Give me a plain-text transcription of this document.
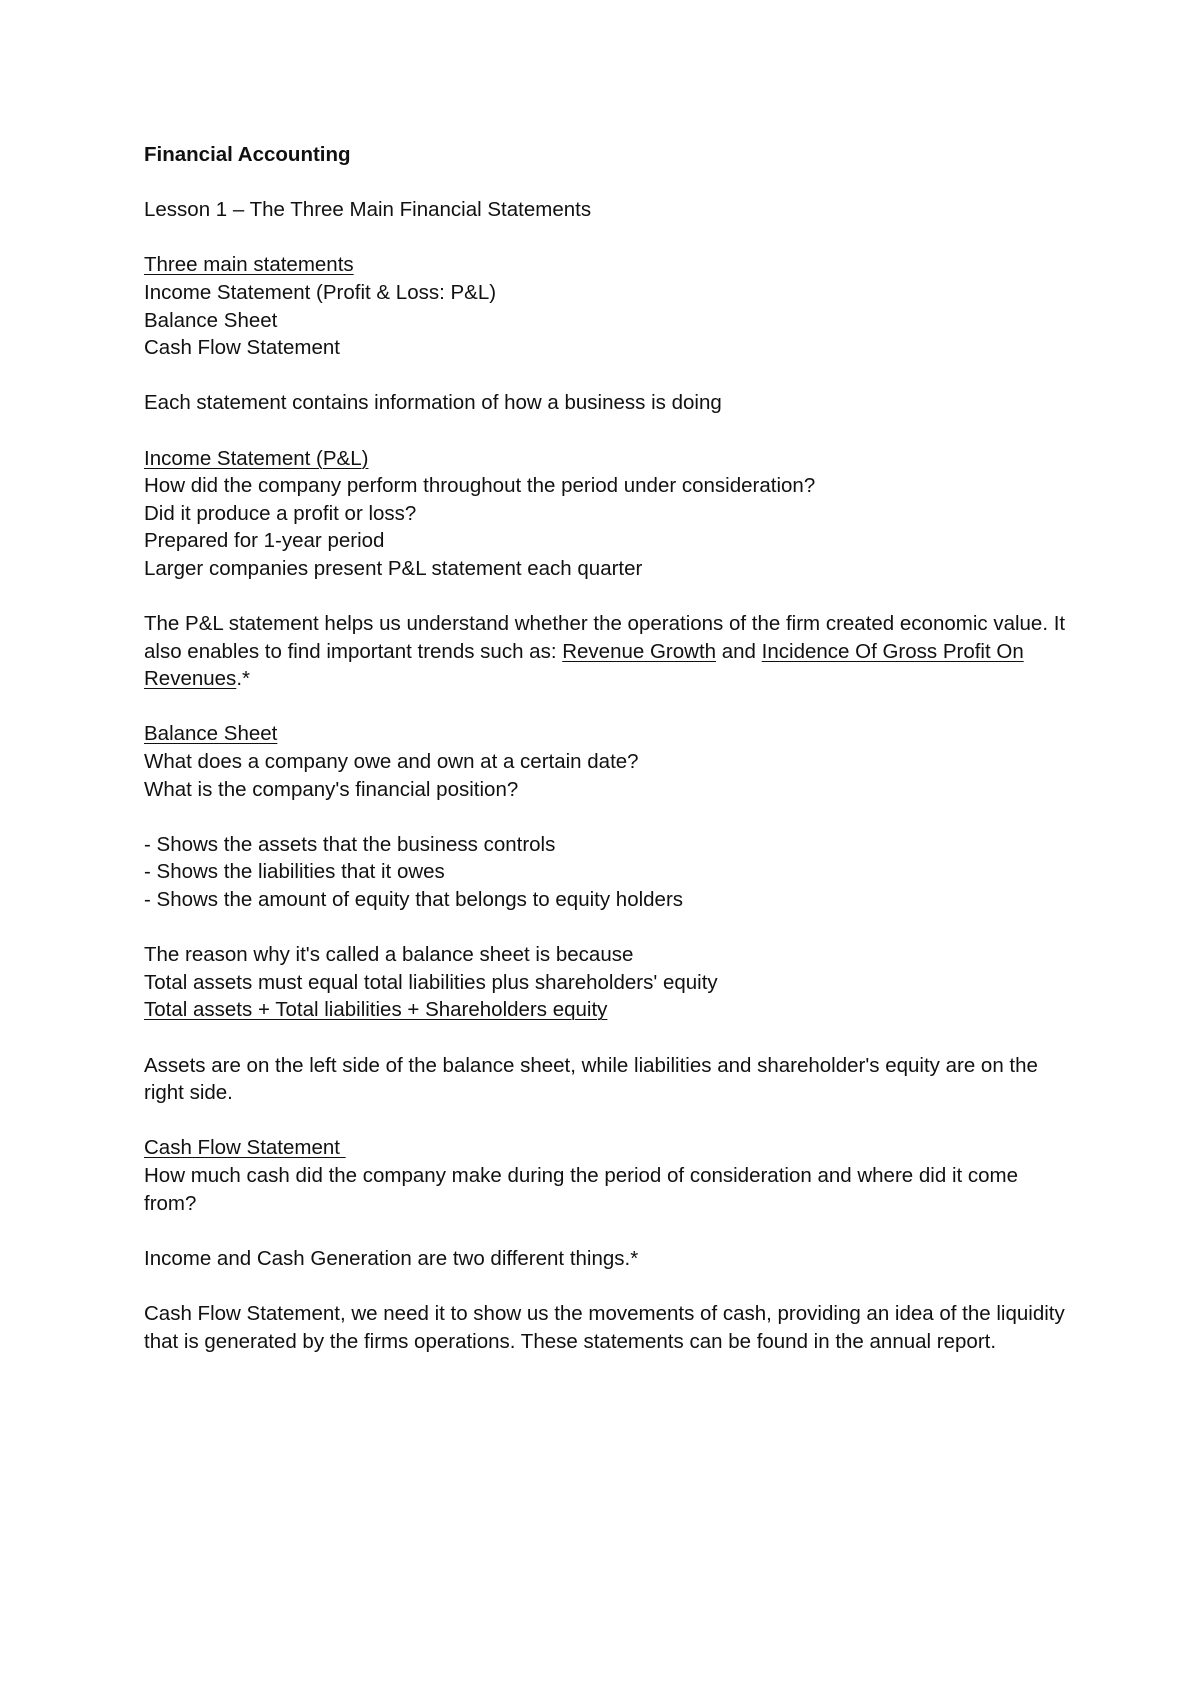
Financial Accounting

Lesson 1 – The Three Main Financial Statements

Three main statements

Income Statement (Profit & Loss: P&L)

Balance Sheet

Cash Flow Statement

Each statement contains information of how a business is doing

Income Statement (P&L)

How did the company perform throughout the period under consideration?

Did it produce a profit or loss?

Prepared for 1-year period

Larger companies present P&L statement each quarter

The P&L statement helps us understand whether the operations of the firm created economic value. It also enables to find important trends such as: Revenue Growth and Incidence Of Gross Profit On Revenues.*

Balance Sheet

What does a company owe and own at a certain date?

What is the company's financial position?

- Shows the assets that the business controls

- Shows the liabilities that it owes

- Shows the amount of equity that belongs to equity holders

The reason why it's called a balance sheet is because

Total assets must equal total liabilities plus shareholders' equity

Total assets + Total liabilities + Shareholders equity

Assets are on the left side of the balance sheet, while liabilities and shareholder's equity are on the right side.

Cash Flow Statement

How much cash did the company make during the period of consideration and where did it come from?

Income and Cash Generation are two different things.*

Cash Flow Statement, we need it to show us the movements of cash, providing an idea of the liquidity that is generated by the firms operations. These statements can be found in the annual report.
